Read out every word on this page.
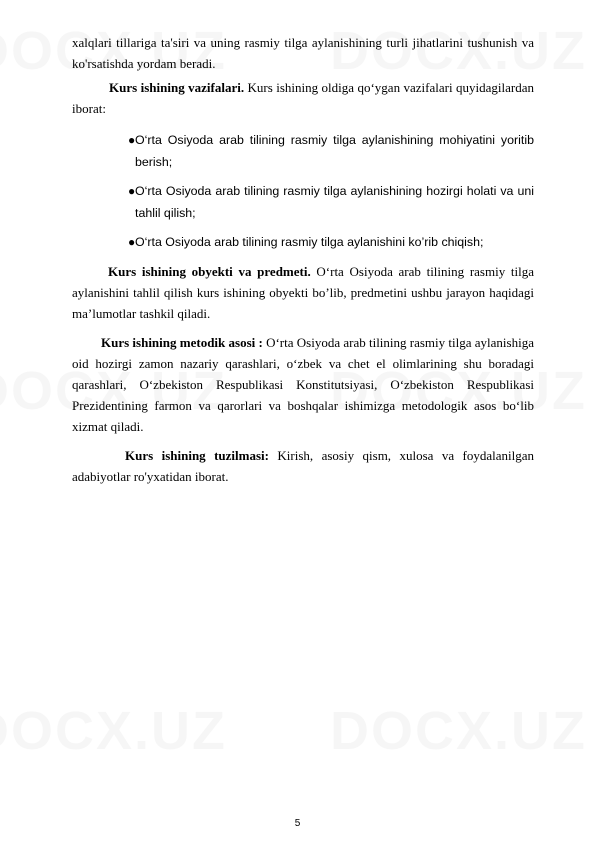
xalqlari tillariga ta'siri va uning rasmiy tilga aylanishining turli jihatlarini tushunish va ko'rsatishda yordam beradi.

Kurs ishining vazifalari. Kurs ishining oldiga qo‘ygan vazifalari quyidagilardan iborat:

● O‘rta Osiyoda arab tilining rasmiy tilga aylanishining mohiyatini yoritib berish;
● O‘rta Osiyoda arab tilining rasmiy tilga aylanishining hozirgi holati va uni tahlil qilish;
● O‘rta Osiyoda arab tilining rasmiy tilga aylanishini ko’rib chiqish;

Kurs ishining obyekti va predmeti. O‘rta Osiyoda arab tilining rasmiy tilga aylanishini tahlil qilish kurs ishining obyekti bo’lib, predmetini ushbu jarayon haqidagi ma’lumotlar tashkil qiladi.

Kurs ishining metodik asosi : O‘rta Osiyoda arab tilining rasmiy tilga aylanishiga oid hozirgi zamon nazariy qarashlari, oʻzbek va chet el olimlarining shu boradagi qarashlari, Oʻzbekiston Respublikasi Konstitutsiyasi, Oʻzbekiston Respublikasi Prezidentining farmon va qarorlari va boshqalar ishimizga metodologik asos bo‘lib xizmat qiladi.

Kurs ishining tuzilmasi: Kirish, asosiy qism, xulosa va foydalanilgan adabiyotlar ro'yxatidan iborat.

5
